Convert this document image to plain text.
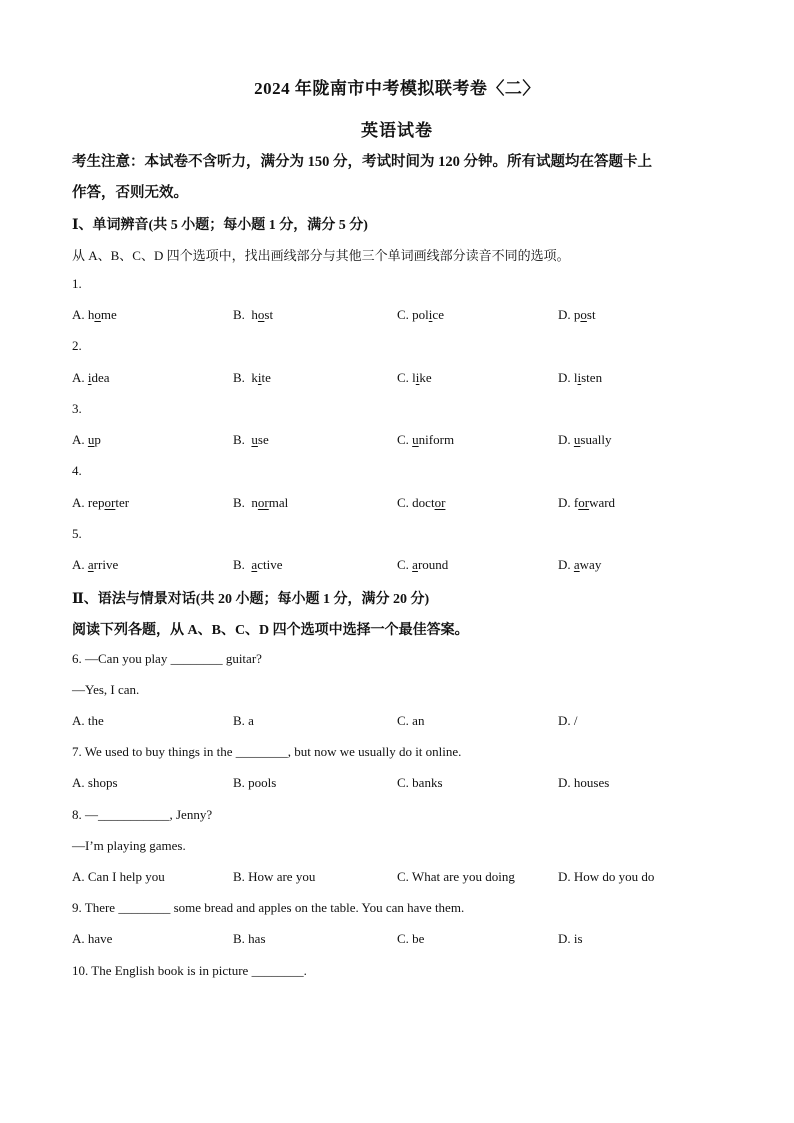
2024 年陇南市中考模拟联考卷〈二〉
英语试卷
考生注意：本试卷不含听力，满分为 150 分，考试时间为 120 分钟。所有试题均在答题卡上
作答，否则无效。
Ⅰ、单词辨音(共 5 小题；每小题 1 分，满分 5 分)
从 A、B、C、D 四个选项中，找出画线部分与其他三个单词画线部分读音不同的选项。
1.
A. home	B.  host	C. police	D. post
2.
A. idea	B.  kite	C. like	D. listen
3.
A. up	B.  use	C. uniform	D. usually
4.
A. reporter	B.  normal	C. doctor	D. forward
5.
A. arrive	B.  active	C. around	D. away
Ⅱ、语法与情景对话(共 20 小题；每小题 1 分，满分 20 分)
阅读下列各题，从 A、B、C、D 四个选项中选择一个最佳答案。
6. —Can you play ________ guitar?
—Yes, I can.
A. the	B. a	C. an	D. /
7. We used to buy things in the ________, but now we usually do it online.
A. shops	B. pools	C. banks	D. houses
8. —___________, Jenny?
—I’m playing games.
A. Can I help you	B. How are you	C. What are you doing	D. How do you do
9. There ________ some bread and apples on the table. You can have them.
A. have	B. has	C. be	D. is
10. The English book is in picture ________.
